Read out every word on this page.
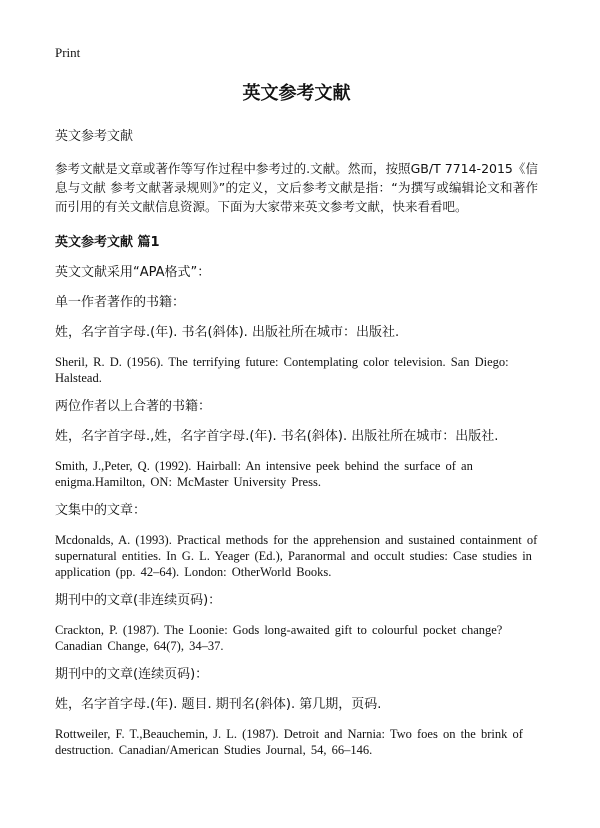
Print
英文参考文献
英文参考文献
参考文献是文章或著作等写作过程中参考过的.文献。然而，按照GB/T 7714-2015《信息与文献 参考文献著录规则》”的定义，文后参考文献是指：“为撰写或编辑论文和著作而引用的有关文献信息资源。下面为大家带来英文参考文献，快来看看吧。
英文参考文献 篇1
英文文献采用“APA格式”：
单一作者著作的书籍：
姓，名字首字母.(年). 书名(斜体). 出版社所在城市：出版社.
Sheril, R. D. (1956). The terrifying future: Contemplating color television. San Diego: Halstead.
两位作者以上合著的书籍：
姓，名字首字母.,姓，名字首字母.(年). 书名(斜体). 出版社所在城市：出版社.
Smith, J.,Peter, Q. (1992). Hairball: An intensive peek behind the surface of an enigma.Hamilton, ON: McMaster University Press.
文集中的文章：
Mcdonalds, A. (1993). Practical methods for the apprehension and sustained containment of supernatural entities. In G. L. Yeager (Ed.), Paranormal and occult studies: Case studies in application (pp. 42–64). London: OtherWorld Books.
期刊中的文章(非连续页码)：
Crackton, P. (1987). The Loonie: Gods long-awaited gift to colourful pocket change? Canadian Change, 64(7), 34–37.
期刊中的文章(连续页码)：
姓，名字首字母.(年). 题目. 期刊名(斜体). 第几期，页码.
Rottweiler, F. T.,Beauchemin, J. L. (1987). Detroit and Narnia: Two foes on the brink of destruction. Canadian/American Studies Journal, 54, 66–146.
